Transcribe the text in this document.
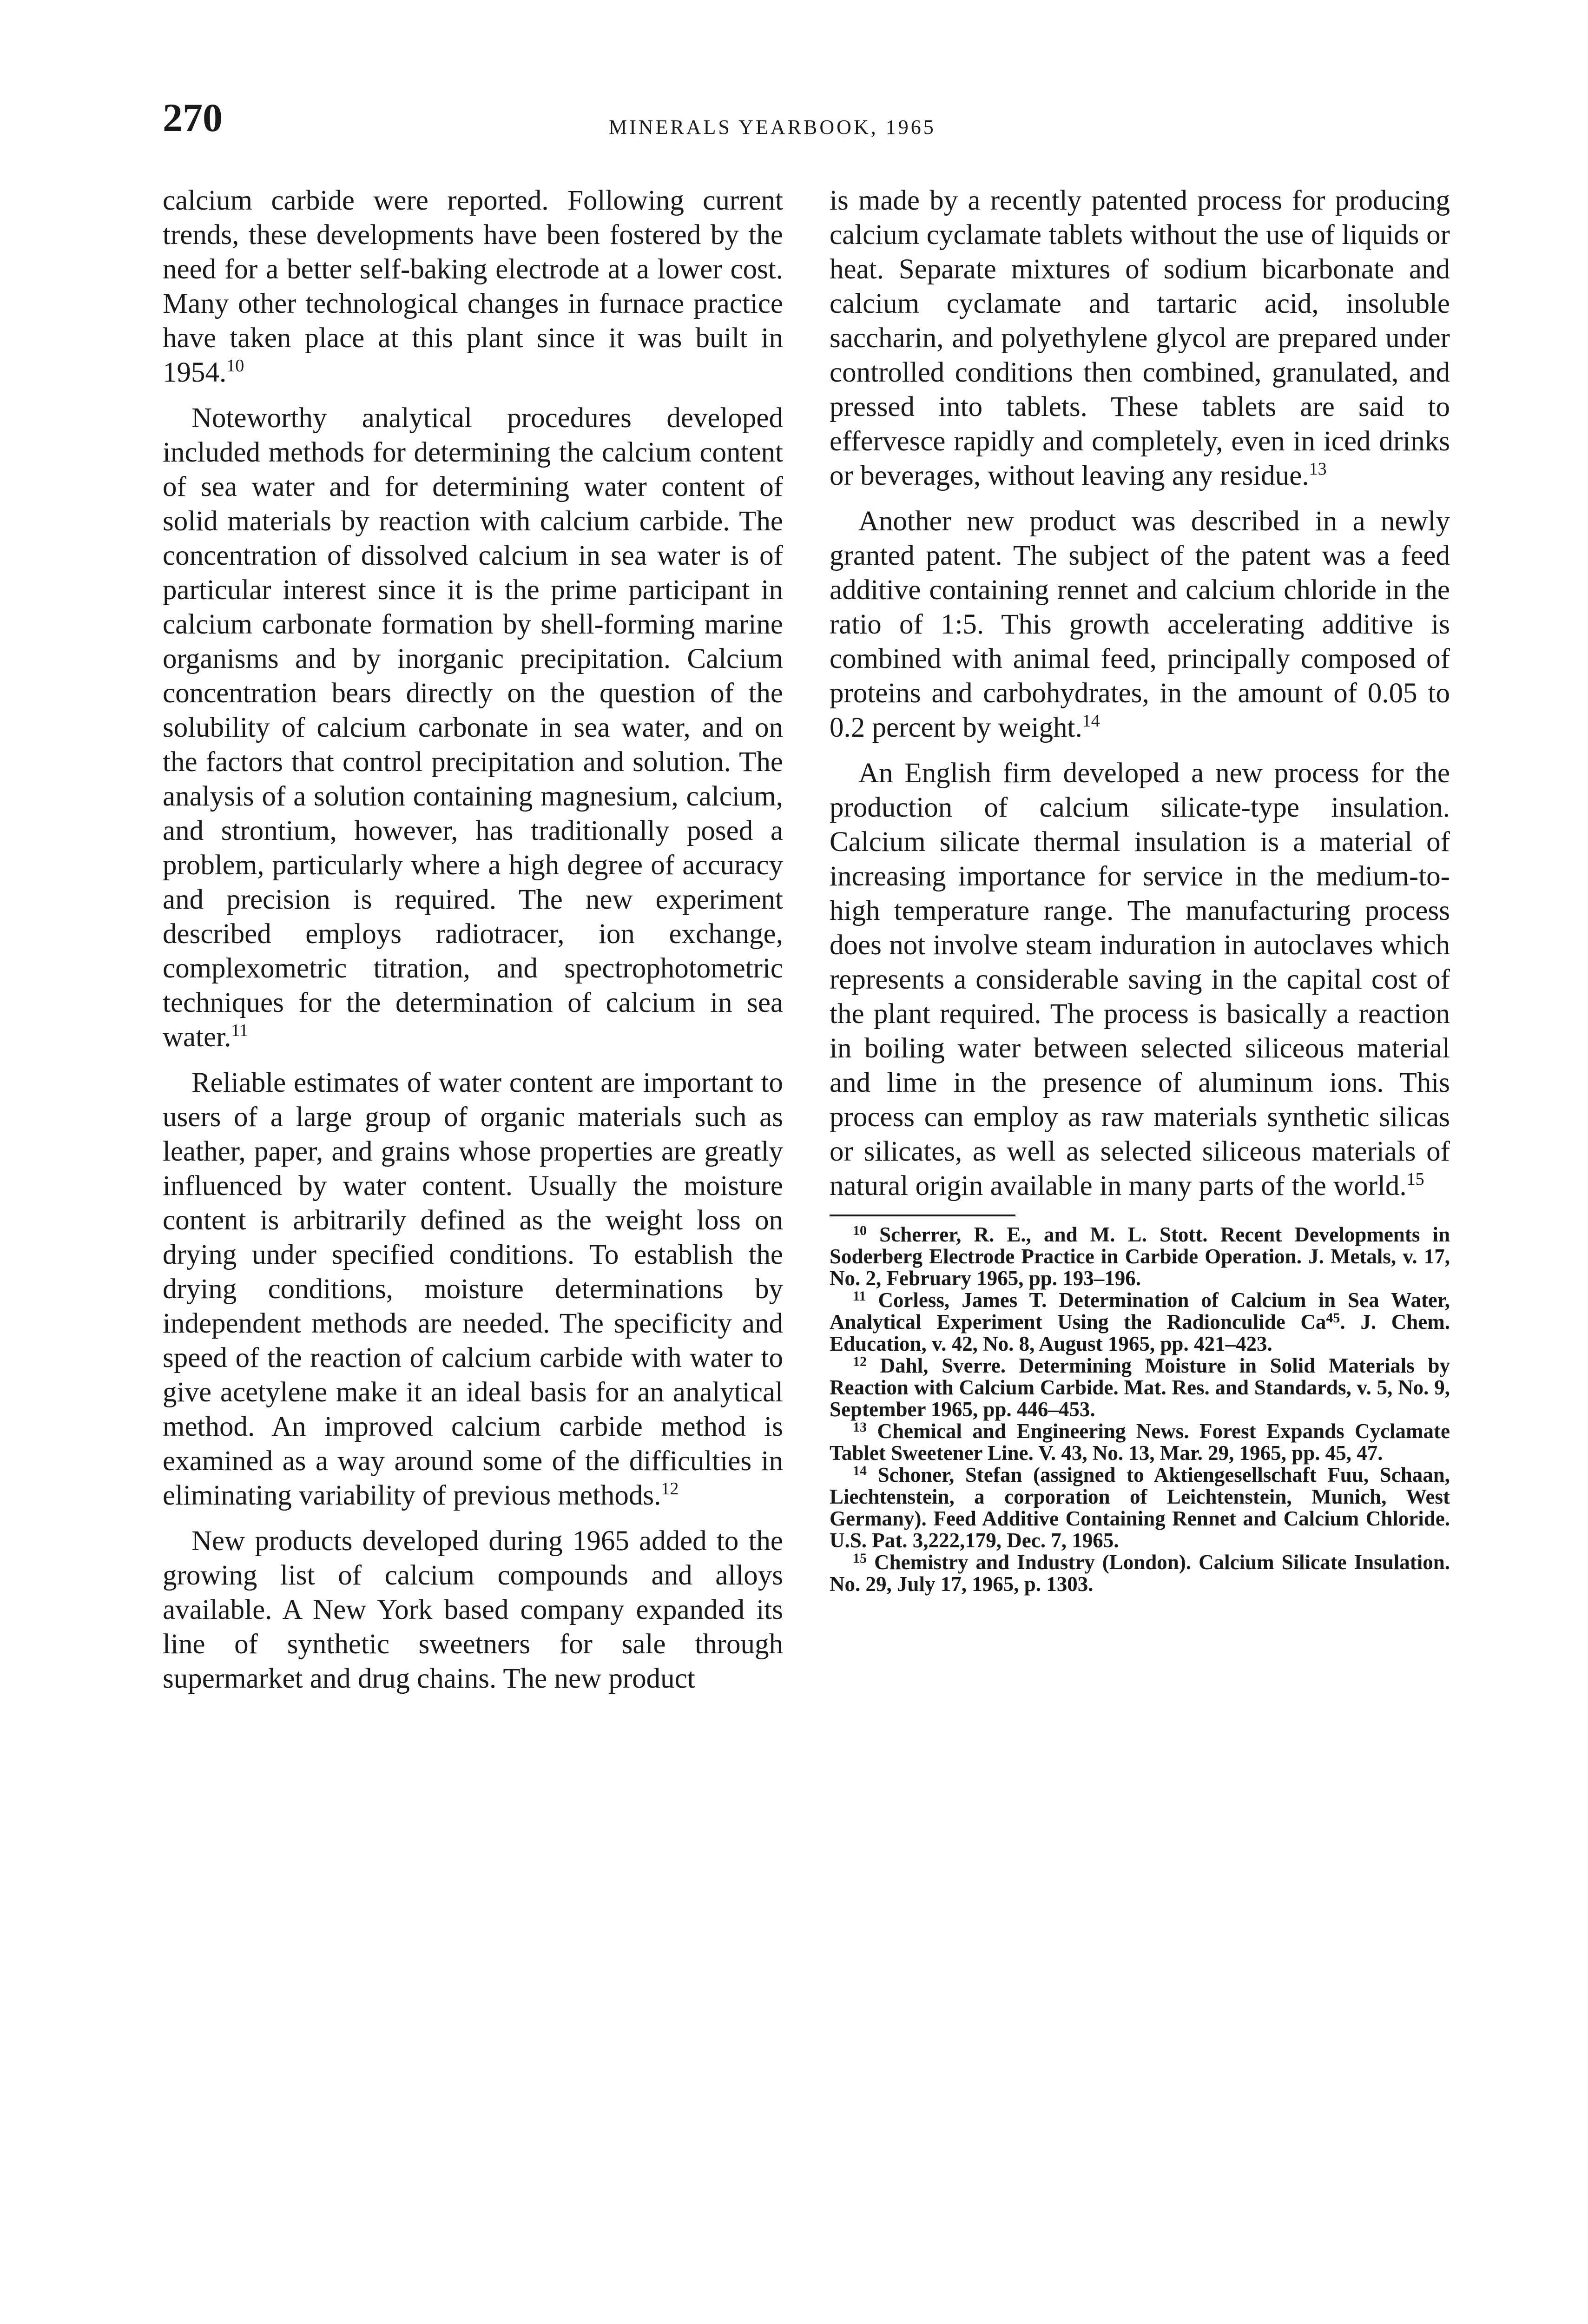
270	MINERALS YEARBOOK, 1965

calcium carbide were reported. Following current trends, these developments have been fostered by the need for a better self-baking electrode at a lower cost. Many other technological changes in furnace practice have taken place at this plant since it was built in 1954.10

Noteworthy analytical procedures developed included methods for determining the calcium content of sea water and for determining water content of solid materials by reaction with calcium carbide. The concentration of dissolved calcium in sea water is of particular interest since it is the prime participant in calcium carbonate formation by shell-forming marine organisms and by inorganic precipitation. Calcium concentration bears directly on the question of the solubility of calcium carbonate in sea water, and on the factors that control precipitation and solution. The analysis of a solution containing magnesium, calcium, and strontium, however, has traditionally posed a problem, particularly where a high degree of accuracy and precision is required. The new experiment described employs radiotracer, ion exchange, complexometric titration, and spectrophotometric techniques for the determination of calcium in sea water.$^{11}$

Reliable estimates of water content are important to users of a large group of organic materials such as leather, paper, and grains whose properties are greatly influenced by water content. Usually the moisture content is arbitrarily defined as the weight loss on drying under specified conditions. To establish the drying conditions, moisture determinations by independent methods are needed. The specificity and speed of the reaction of calcium carbide with water to give acetylene make it an ideal basis for an analytical method. An improved calcium carbide method is examined as a way around some of the difficulties in eliminating variability of previous methods.$^{12}$

New products developed during 1965 added to the growing list of calcium compounds and alloys available. A New York based company expanded its line of synthetic sweetners for sale through supermarket and drug chains. The new product

is made by a recently patented process for producing calcium cyclamate tablets without the use of liquids or heat. Separate mixtures of sodium bicarbonate and calcium cyclamate and tartaric acid, insoluble saccharin, and polyethylene glycol are prepared under controlled conditions then combined, granulated, and pressed into tablets. These tablets are said to effervesce rapidly and completely, even in iced drinks or beverages, without leaving any residue.$^{13}$

Another new product was described in a newly granted patent. The subject of the patent was a feed additive containing rennet and calcium chloride in the ratio of 1:5. This growth accelerating additive is combined with animal feed, principally composed of proteins and carbohydrates, in the amount of 0.05 to 0.2 percent by weight.$^{14}$

An English firm developed a new process for the production of calcium silicate-type insulation. Calcium silicate thermal insulation is a material of increasing importance for service in the medium-to-high temperature range. The manufacturing process does not involve steam induration in autoclaves which represents a considerable saving in the capital cost of the plant required. The process is basically a reaction in boiling water between selected siliceous material and lime in the presence of aluminum ions. This process can employ as raw materials synthetic silicas or silicates, as well as selected siliceous materials of natural origin available in many parts of the world.$^{15}$

$^{10}$ Scherrer, R. E., and M. L. Stott. Recent Developments in Soderberg Electrode Practice in Carbide Operation. J. Metals, v. 17, No. 2, February 1965, pp. 193–196.

$^{11}$ Corless, James T. Determination of Calcium in Sea Water, Analytical Experiment Using the Radionculide Ca$^{45}$. J. Chem. Education, v. 42, No. 8, August 1965, pp. 421–423.

$^{12}$ Dahl, Sverre. Determining Moisture in Solid Materials by Reaction with Calcium Carbide. Mat. Res. and Standards, v. 5, No. 9, September 1965, pp. 446–453.

$^{13}$ Chemical and Engineering News. Forest Expands Cyclamate Tablet Sweetener Line. V. 43, No. 13, Mar. 29, 1965, pp. 45, 47.

$^{14}$ Schoner, Stefan (assigned to Aktiengesellschaft Fuu, Schaan, Liechtenstein, a corporation of Leichtenstein, Munich, West Germany). Feed Additive Containing Rennet and Calcium Chloride. U.S. Pat. 3,222,179, Dec. 7, 1965.

$^{15}$ Chemistry and Industry (London). Calcium Silicate Insulation. No. 29, July 17, 1965, p. 1303.
